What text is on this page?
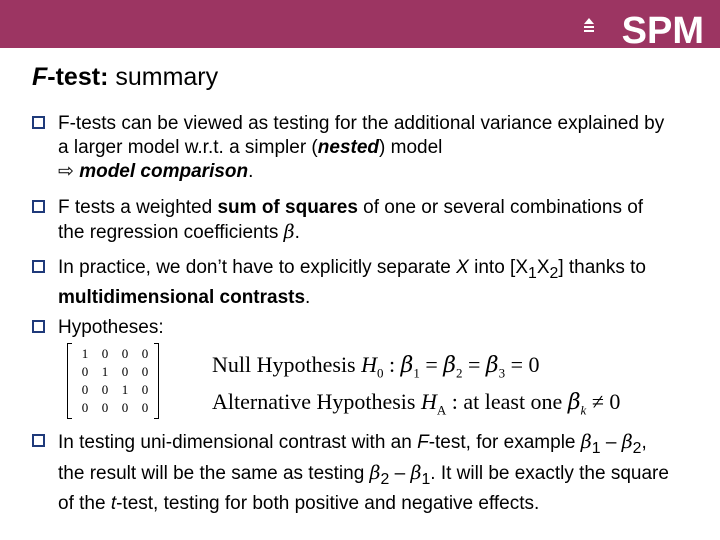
SPM
F-test: summary
F-tests can be viewed as testing for the additional variance explained by a larger model w.r.t. a simpler (nested) model
⇨ model comparison.
F tests a weighted sum of squares of one or several combinations of the regression coefficients β.
In practice, we don’t have to explicitly separate X into $[X_1X_2]$ thanks to multidimensional contrasts.
Hypotheses:
1	0	0	0
0	1	0	0
0	0	1	0
0	0	0	0
Null Hypothesis $H_0$ : $\beta_1 = \beta_2 = \beta_3 = 0$
Alternative Hypothesis $H_A$ : at least one $\beta_k \ne 0$
In testing uni-dimensional contrast with an F-test, for example $\beta_1 - \beta_2$, the result will be the same as testing $\beta_2 - \beta_1$. It will be exactly the square of the t-test, testing for both positive and negative effects.
